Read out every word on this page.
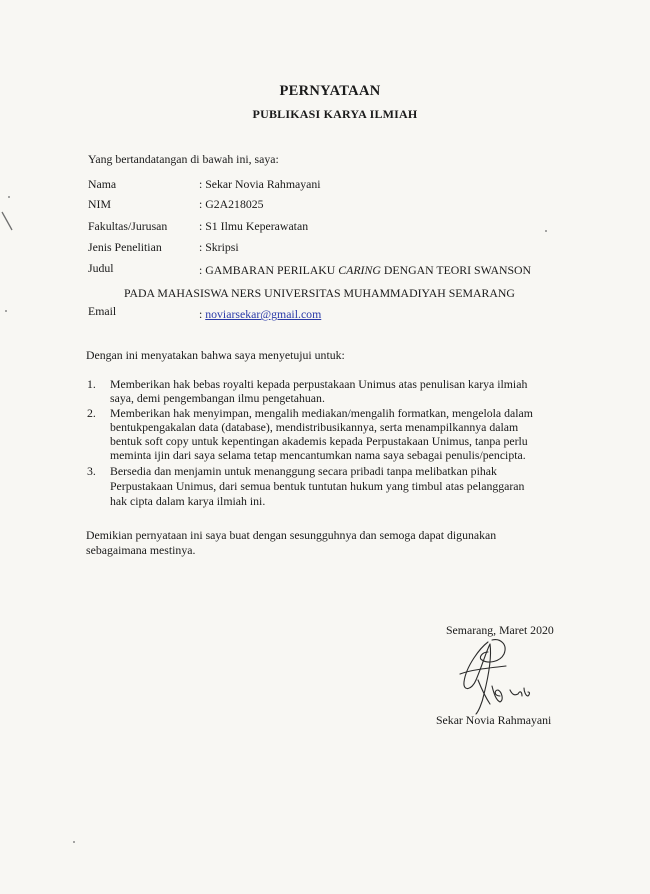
PERNYATAAN
PUBLIKASI KARYA ILMIAH
Yang bertandatangan di bawah ini, saya:
Nama	: Sekar Novia Rahmayani
NIM	: G2A218025
Fakultas/Jurusan	: S1 Ilmu Keperawatan
Jenis Penelitian	: Skripsi
Judul	: GAMBARAN PERILAKU CARING DENGAN TEORI SWANSON
PADA MAHASISWA NERS UNIVERSITAS MUHAMMADIYAH SEMARANG
Email	: noviarsekar@gmail.com
Dengan ini menyatakan bahwa saya menyetujui untuk:
1. Memberikan hak bebas royalti kepada perpustakaan Unimus atas penulisan karya ilmiah
saya, demi pengembangan ilmu pengetahuan.
2. Memberikan hak menyimpan, mengalih mediakan/mengalih formatkan, mengelola dalam
bentukpengakalan data (database), mendistribusikannya, serta menampilkannya dalam
bentuk soft copy untuk kepentingan akademis kepada Perpustakaan Unimus, tanpa perlu
meminta ijin dari saya selama tetap mencantumkan nama saya sebagai penulis/pencipta.
3. Bersedia dan menjamin untuk menanggung secara pribadi tanpa melibatkan pihak
Perpustakaan Unimus, dari semua bentuk tuntutan hukum yang timbul atas pelanggaran
hak cipta dalam karya ilmiah ini.
Demikian pernyataan ini saya buat dengan sesungguhnya dan semoga dapat digunakan
sebagaimana mestinya.
Semarang, Maret 2020
Sekar Novia Rahmayani
